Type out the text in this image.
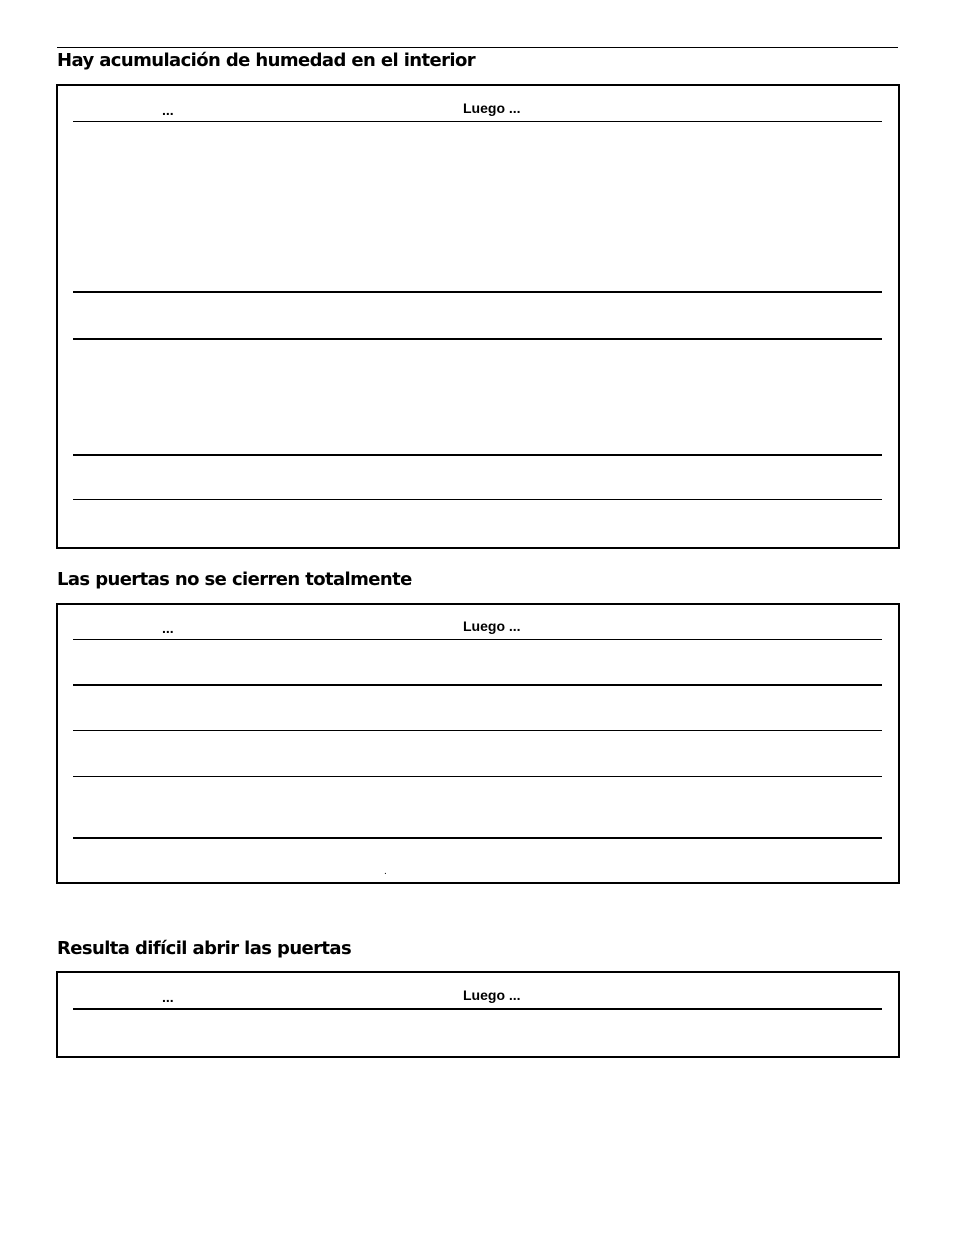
Hay acumulación de humedad en el interior
...	Luego ...
Las puertas no se cierren totalmente
...	Luego ...
.
Resulta difícil abrir las puertas
...	Luego ...
